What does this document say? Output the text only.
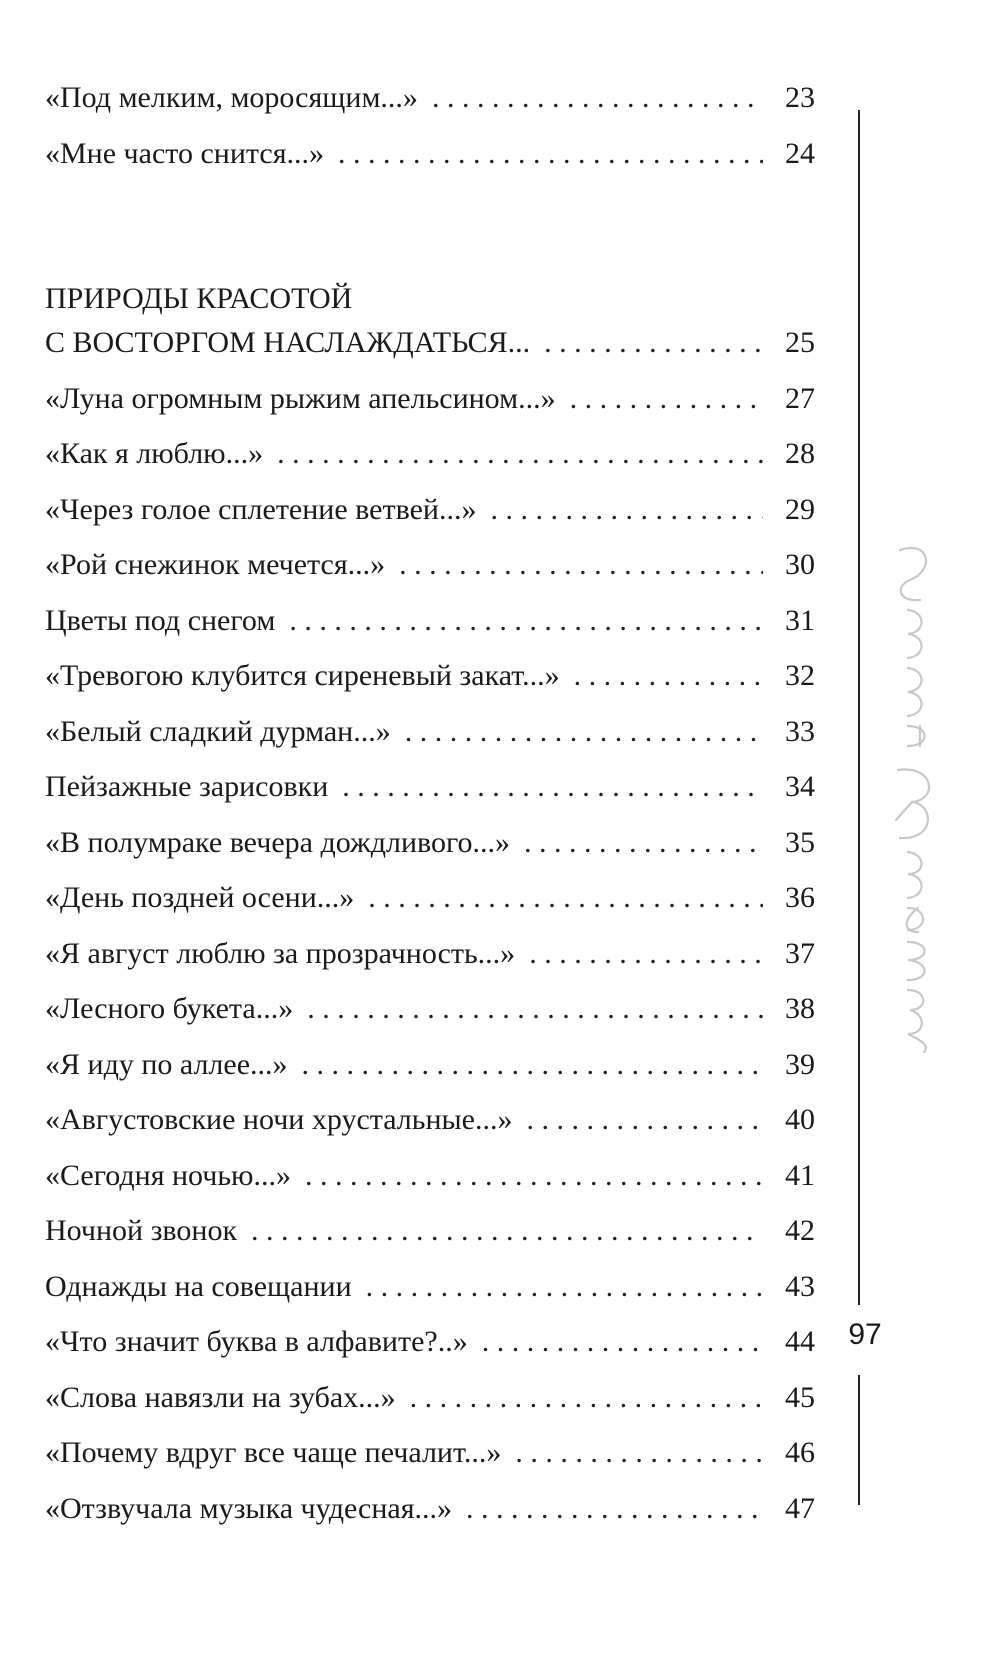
«Под мелким, моросящим...» . . .	23
«Мне часто снится...» . . .	24
ПРИРОДЫ КРАСОТОЙ
С ВОСТОРГОМ НАСЛАЖДАТЬСЯ... . . .	25
«Луна огромным рыжим апельсином...» . . .	27
«Как я люблю...» . . .	28
«Через голое сплетение ветвей...» . . .	29
«Рой снежинок мечется...» . . .	30
Цветы под снегом . . .	31
«Тревогою клубится сиреневый закат...» . . .	32
«Белый сладкий дурман...» . . .	33
Пейзажные зарисовки . . .	34
«В полумраке вечера дождливого...» . . .	35
«День поздней осени...» . . .	36
«Я август люблю за прозрачность...» . . .	37
«Лесного букета...» . . .	38
«Я иду по аллее...» . . .	39
«Августовские ночи хрустальные...» . . .	40
«Сегодня ночью...» . . .	41
Ночной звонок . . .	42
Однажды на совещании . . .	43
«Что значит буква в алфавите?..» . . .	44
«Слова навязли на зубах...» . . .	45
«Почему вдруг все чаще печалит...» . . .	46
«Отзвучала музыка чудесная...» . . .	47
97
Ирина Королева
